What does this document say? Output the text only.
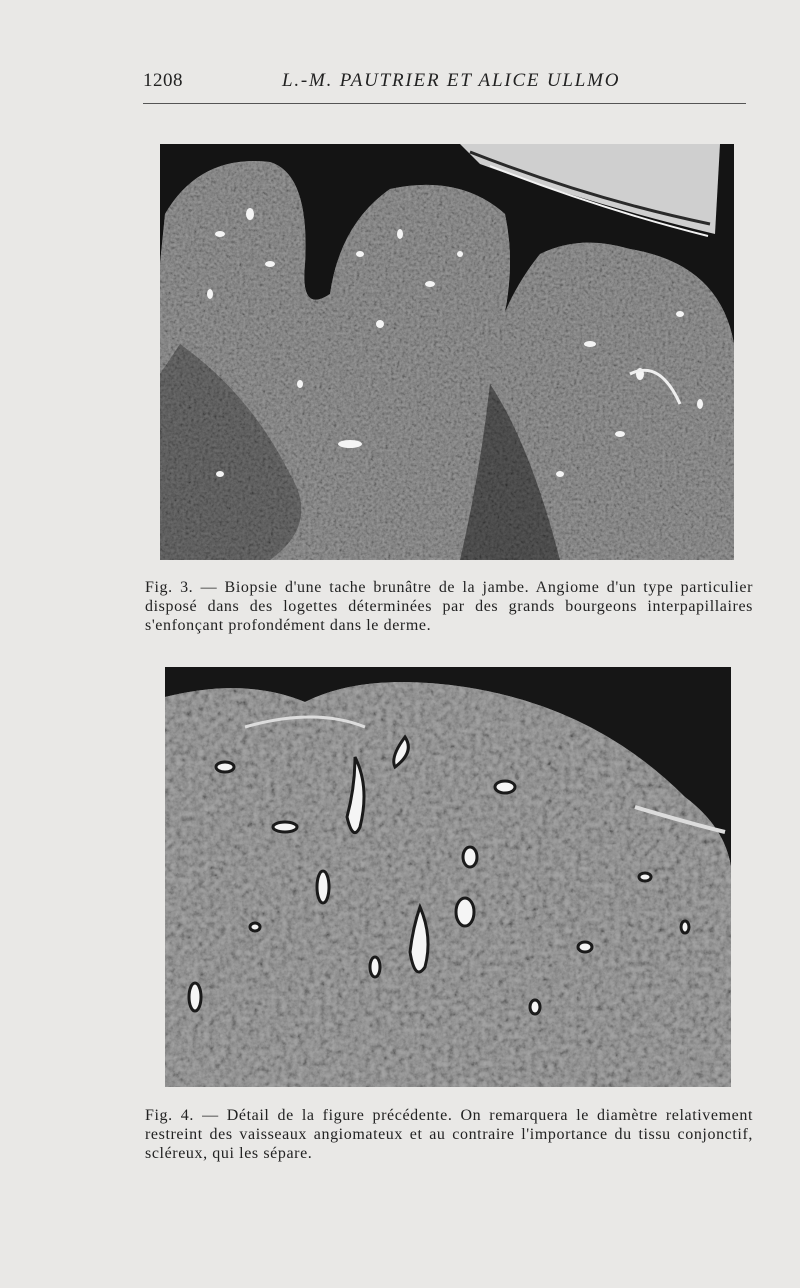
1208	L.-M. PAUTRIER ET ALICE ULLMO

Fig. 3. — Biopsie d'une tache brunâtre de la jambe. Angiome d'un type particulier disposé dans des logettes déterminées par des grands bourgeons interpapillaires s'enfonçant profondément dans le derme.

Fig. 4. — Détail de la figure précédente. On remarquera le diamètre relativement restreint des vaisseaux angiomateux et au contraire l'importance du tissu conjonctif, scléreux, qui les sépare.
